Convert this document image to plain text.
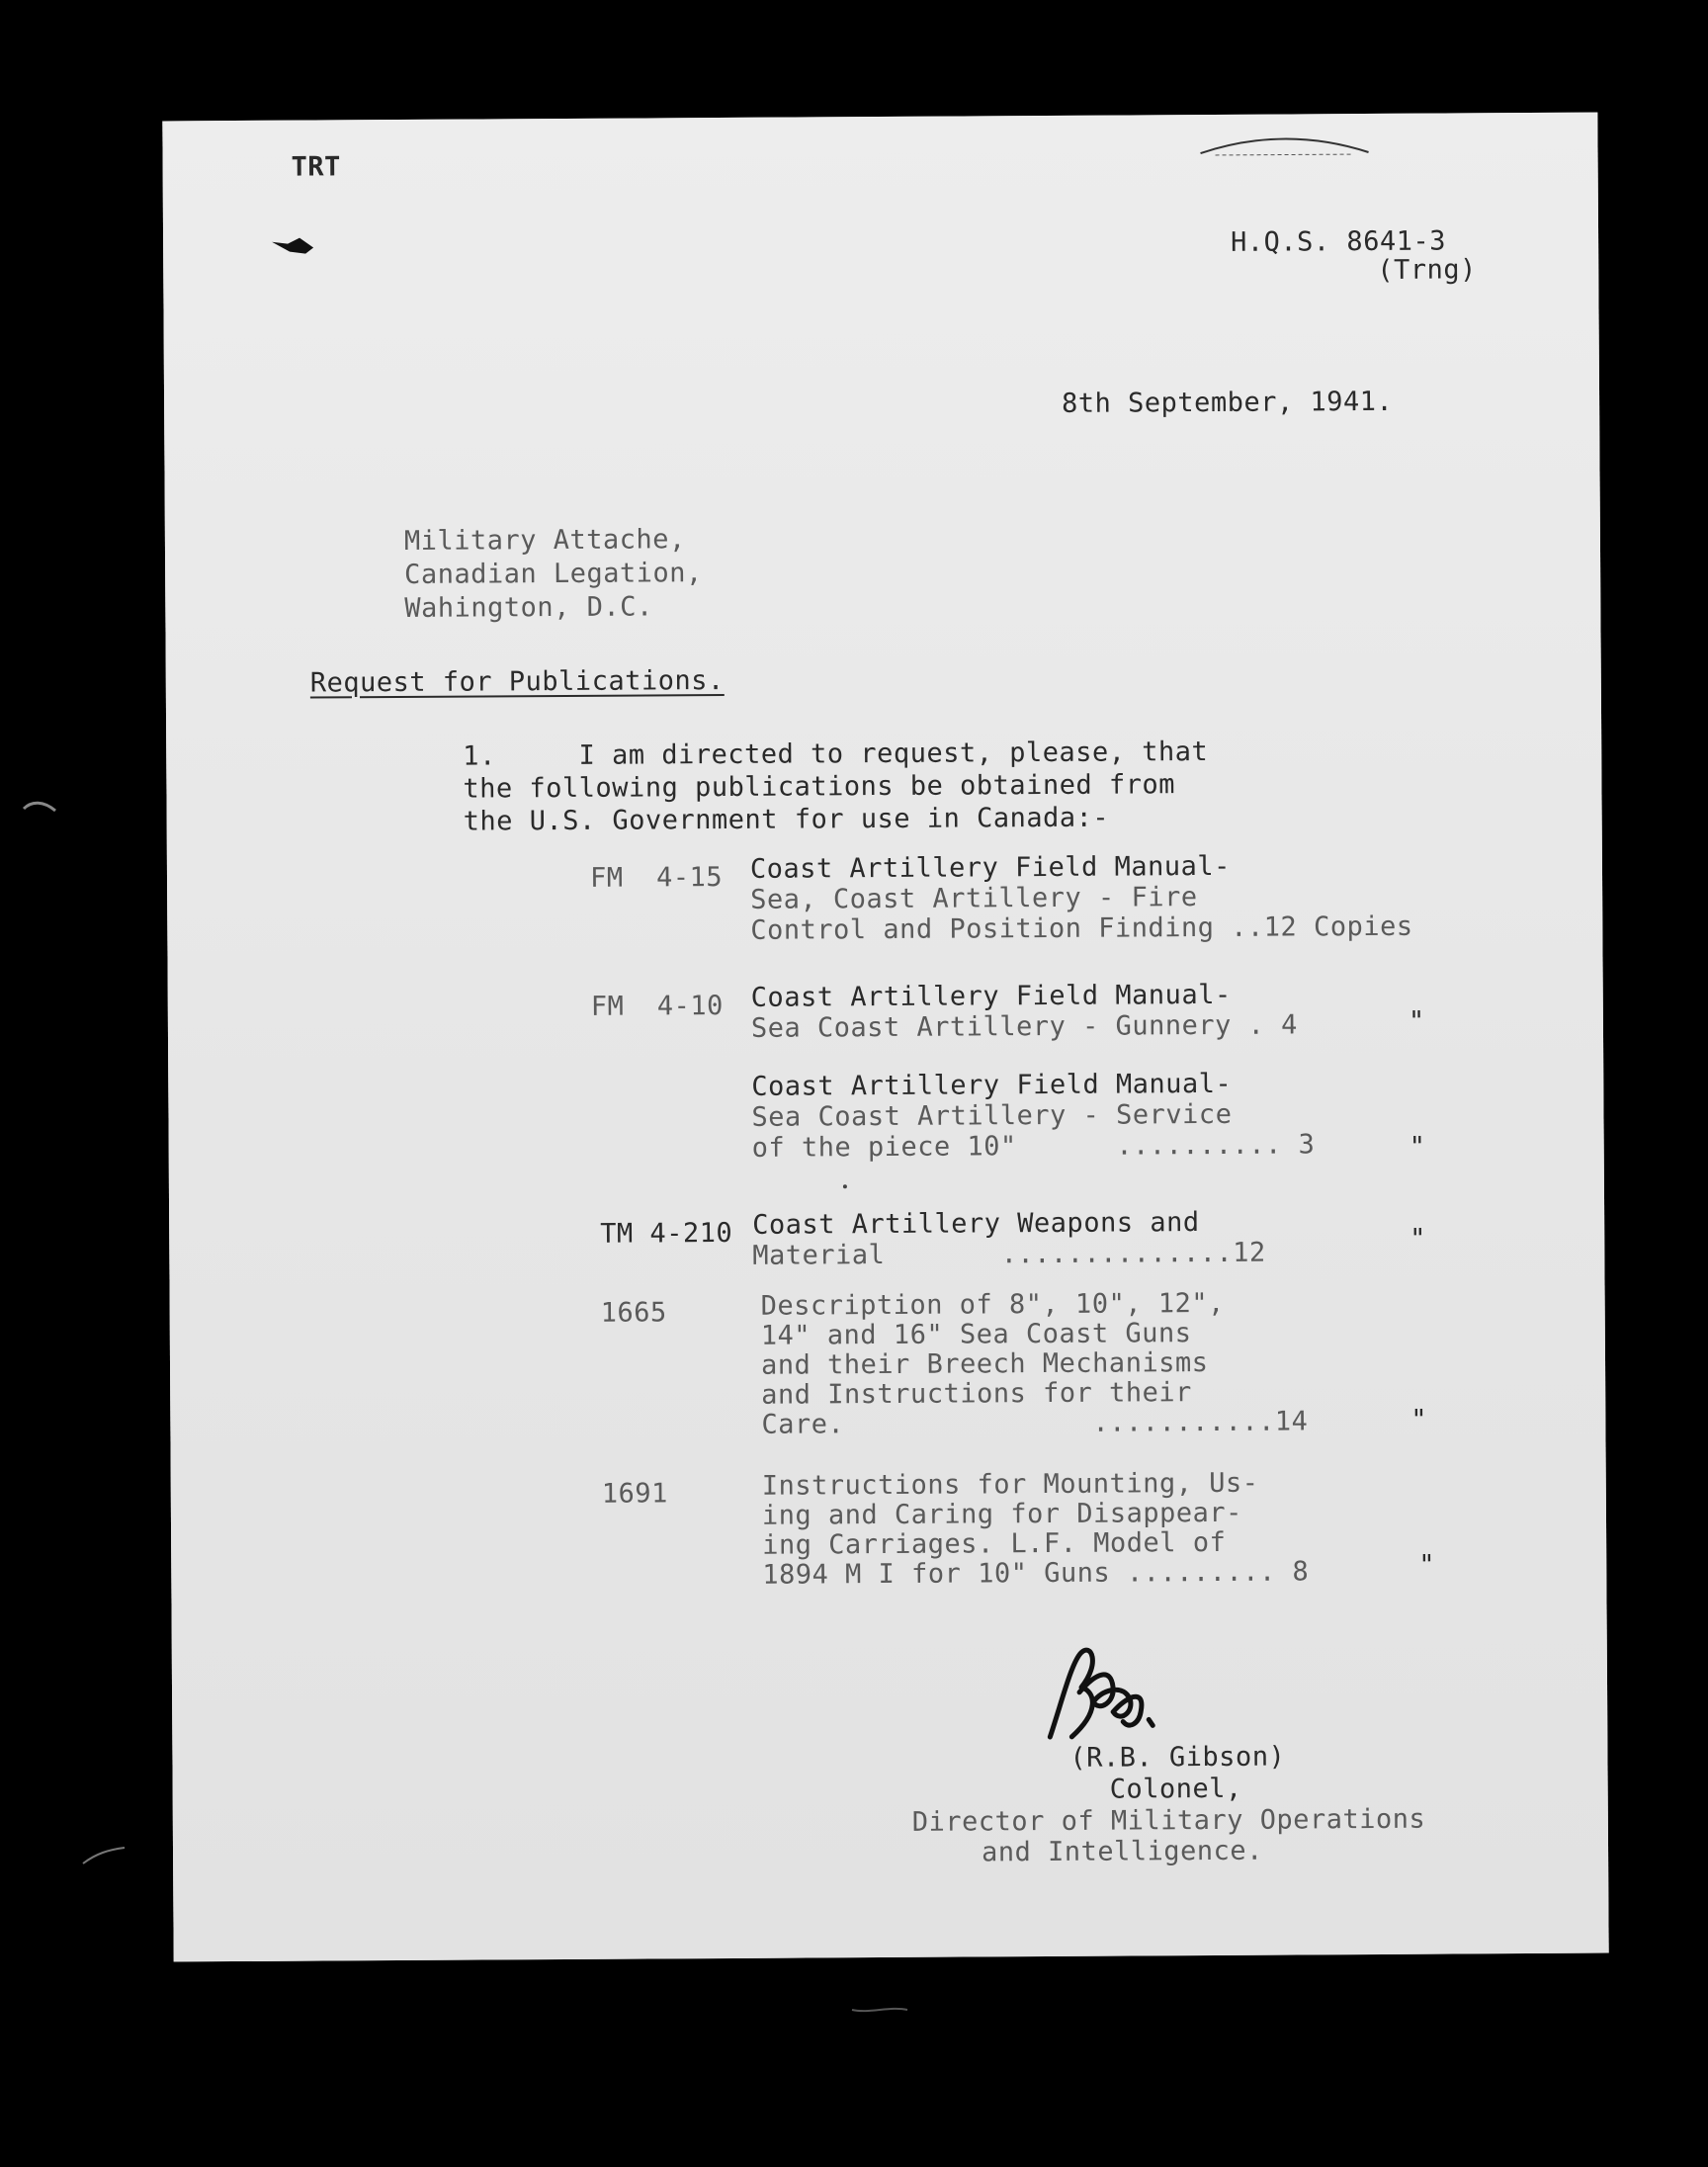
TRT
H.Q.S. 8641-3
(Trng)
8th September, 1941.
Military Attache,
Canadian Legation,
Wahington, D.C.
Request for Publications.
1.     I am directed to request, please, that
the following publications be obtained from
the U.S. Government for use in Canada:-
FM  4-15 Coast Artillery Field Manual-
Sea, Coast Artillery - Fire
Control and Position Finding ..12 Copies
FM  4-10 Coast Artillery Field Manual-
Sea Coast Artillery - Gunnery . 4	"
Coast Artillery Field Manual-
Sea Coast Artillery - Service
of the piece 10"      .......... 3	"
TM 4-210 Coast Artillery Weapons and
Material       ..............12	"
1665	Description of 8", 10", 12",
14" and 16" Sea Coast Guns
and their Breech Mechanisms
and Instructions for their
Care.               ...........14	"
1691	Instructions for Mounting, Us-
ing and Caring for Disappear-
ing Carriages. L.F. Model of
1894 M I for 10" Guns ......... 8	"
(R.B. Gibson)
Colonel,
Director of Military Operations
and Intelligence.
